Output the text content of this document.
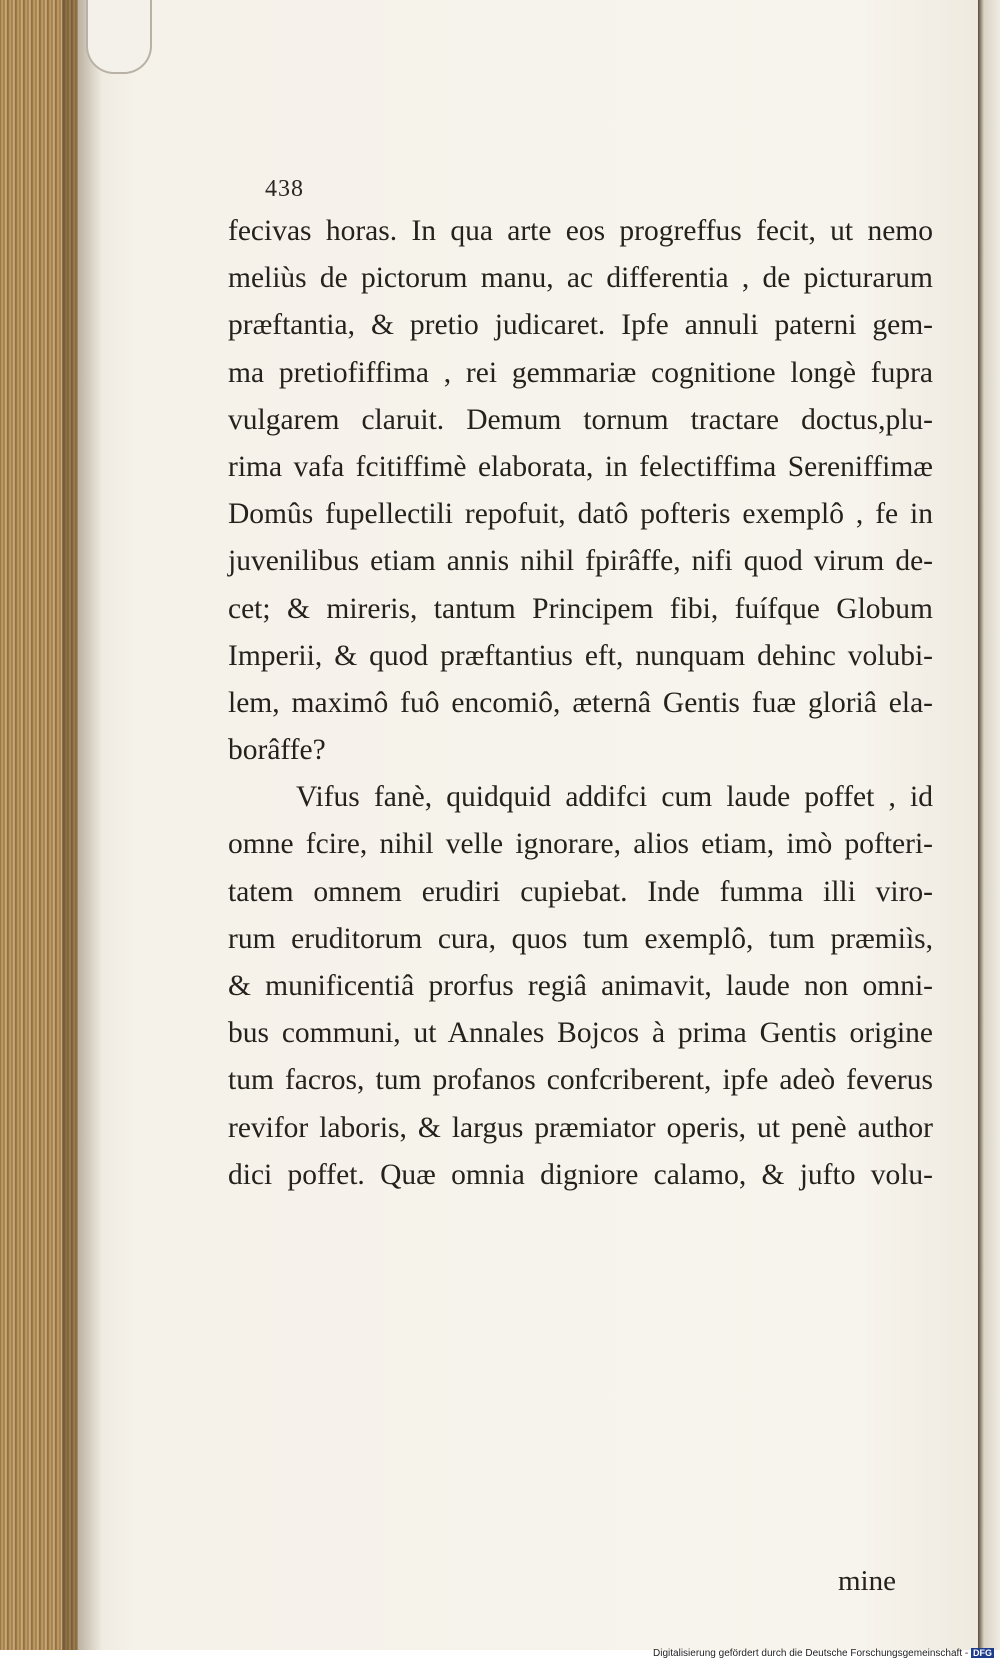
438
fecivas horas. In qua arte eos progreffus fecit, ut nemo
meliùs de pictorum manu, ac differentia , de picturarum
præftantia, & pretio judicaret. Ipfe annuli paterni gem-
ma pretiofiffima , rei gemmariæ cognitione longè fupra
vulgarem claruit. Demum tornum tractare doctus,plu-
rima vafa fcitiffimè elaborata, in felectiffima Sereniffimæ
Domûs fupellectili repofuit, datô pofteris exemplô , fe in
juvenilibus etiam annis nihil fpirâffe, nifi quod virum de-
cet; & mireris, tantum Principem fibi, fuífque Globum
Imperii, & quod præftantius eft, nunquam dehinc volubi-
lem, maximô fuô encomiô, æternâ Gentis fuæ gloriâ ela-
borâffe?
Vifus fanè, quidquid addifci cum laude poffet , id
omne fcire, nihil velle ignorare, alios etiam, imò pofteri-
tatem omnem erudiri cupiebat. Inde fumma illi viro-
rum eruditorum cura, quos tum exemplô, tum præmiìs,
& munificentiâ prorfus regiâ animavit, laude non omni-
bus communi, ut Annales Bojcos à prima Gentis origine
tum facros, tum profanos confcriberent, ipfe adeò feverus
revifor laboris, & largus præmiator operis, ut penè author
dici poffet. Quæ omnia digniore calamo, & jufto volu-
mine
Digitalisierung gefördert durch die Deutsche Forschungsgemeinschaft - DFG
